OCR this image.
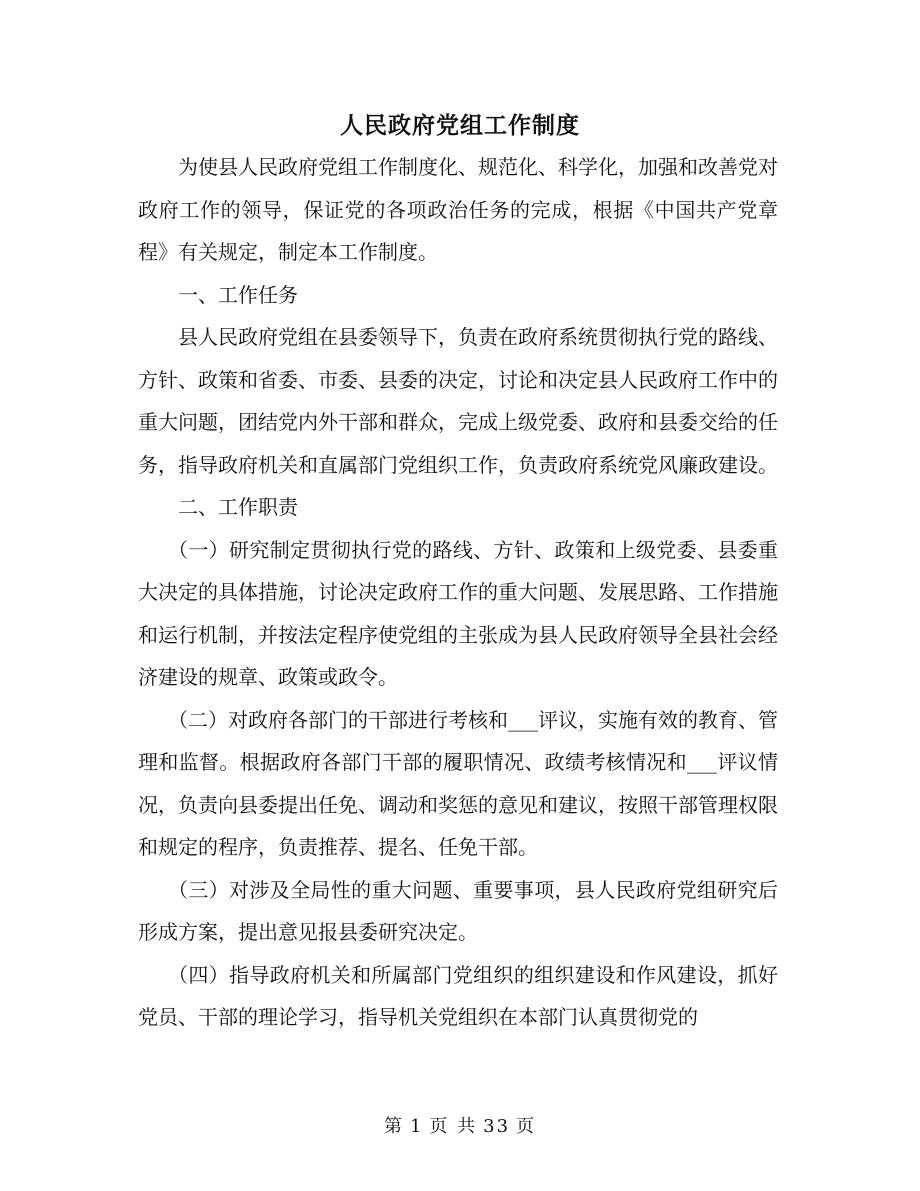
人民政府党组工作制度

为使县人民政府党组工作制度化、规范化、科学化，加强和改善党对政府工作的领导，保证党的各项政治任务的完成，根据《中国共产党章程》有关规定，制定本工作制度。

一、工作任务

县人民政府党组在县委领导下，负责在政府系统贯彻执行党的路线、方针、政策和省委、市委、县委的决定，讨论和决定县人民政府工作中的重大问题，团结党内外干部和群众，完成上级党委、政府和县委交给的任务，指导政府机关和直属部门党组织工作，负责政府系统党风廉政建设。

二、工作职责

（一）研究制定贯彻执行党的路线、方针、政策和上级党委、县委重大决定的具体措施，讨论决定政府工作的重大问题、发展思路、工作措施和运行机制，并按法定程序使党组的主张成为县人民政府领导全县社会经济建设的规章、政策或政令。

（二）对政府各部门的干部进行考核和___评议，实施有效的教育、管理和监督。根据政府各部门干部的履职情况、政绩考核情况和___评议情况，负责向县委提出任免、调动和奖惩的意见和建议，按照干部管理权限和规定的程序，负责推荐、提名、任免干部。

（三）对涉及全局性的重大问题、重要事项，县人民政府党组研究后形成方案，提出意见报县委研究决定。

（四）指导政府机关和所属部门党组织的组织建设和作风建设，抓好党员、干部的理论学习，指导机关党组织在本部门认真贯彻党的

第 1 页 共 33 页
